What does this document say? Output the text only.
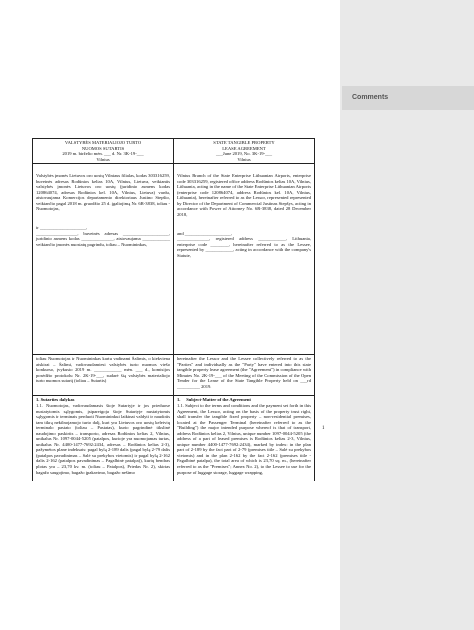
VALSTYBĖS MATERIALIOJO TURTO
NUOMOS SUTARTIS
2019 m. birželio mėn. ___ d. Nr. 3K-19-___
Vilnius
STATE TANGIBLE PROPERTY
LEASE AGREEMENT
___June 2019, No. 3K-19-___
Vilnius

Valstybės įmonės Lietuvos oro uostų Vilniaus filialas, kodas 303316259, buveinės adresas Rodūnios kelias 10A, Vilnius, Lietuva, veikiantis valstybės įmonės Lietuvos oro uostų (juridinio asmens kodas 120864074, adresas Rodūnios kel. 10A, Vilnius, Lietuva) vardu, atstovaujama Komercijos departamento direktoriaus Justino Stepšio, veikiančio pagal 2018 m. gruodžio 25 d. įgaliojimą Nr. 6R-3838, toliau - Nuomotojas,

ir ____________________,
__________________, buveinės adresas ____________________, juridinio asmens kodas ______________, atstovaujama ____________ veikiančio įmonės nuostatų pagrindu, toliau – Nuomininkas,

Vilnius Branch of the State Enterprise Lithuanian Airports, enterprise code 303316259, registered office address Rodūnios kelias 10A, Vilnius, Lithuania, acting in the name of the State Enterprise Lithuanian Airports (enterprise code 120864074, address Rodūnios kel. 10A, Vilnius, Lithuania), hereinafter referred to as the Lessor, represented represented by Director of the Department of Commercial Justinas Stepšys, acting in accordance with Power of Attorney No. 6R-3838, dated 28 December 2018,

and ____________________,
______________, registered address ____________, Lithuania, enterprise code ________, hereinafter referred to as the Lessee, represented by ____________, acting in accordance with the company's Statute,

toliau Nuomotojas ir Nuomininkas kartu vadinami Šalimis, o kiekviena atskirai – Šalimi, vadovaudamiesi valstybės turto nuomos viešo konkurso, įvykusio 2019 m. ____________ mėn. ___ d., komisijos posėdžio protokolu Nr. 2K-19-___, sudarė šią valstybės materialiojo turto nuomos sutartį (toliau – Sutartis)

hereinafter the Lessor and the Lessee collectively referred to as the "Parties" and individually as the "Party" have entered into this state tangible property lease agreement (the "Agreement") in compliance with Minutes No. 2K-19-___ of the Meeting of the Commission of the Open Tender for the Lease of the State Tangible Property held on ___rd __________ 2019.

1. Sutarties dalykas

1.1. Nuomotojas, vadovaudamasis šioje Sutartyje ir jos prieduose nustatytomis sąlygomis, įsipareigoja šioje Sutartyje nustatytomis sąlygomis ir terminais perduoti Nuomininkui laikinai valdyti ir naudotis tam tikrą nekilnojamojo turto dalį, kuri yra Lietuvos oro uostų keleivių terminalo pastato (toliau – Pastatas), kurio pagrindinė tikslinė naudojimo paskirtis – transporto, adresas Rodūnios kelias 2, Vilnius, unikalus Nr. 1097-0044-5205 (patalpos, kurioje yra nuomojamas turtas, unikalus Nr. 4400-1477-7692:2434, adresas – Rodūnios kelias 2-3), pažymėtos plane indeksais: pagal bylą 2-189 dalis (pagal bylą 2-79 dalis (patalpos pavadinimas – Salė su prekybos vietomis) ir pagal bylą 2-162 dalis 2-162 (patalpos pavadinimas – Pagalbinė patalpa)), kurių bendras plotas yra – 23,70 kv. m. (toliau – Patalpos), Priedas Nr. 2), skirtas bagažo saugojimo, bagažo įpakavimo, bagažo nešimo

1.     Subject-Matter of the Agreement

1.1. Subject to the terms and conditions and the payment set forth in this Agreement, the Lessor, acting on the basis of the property trust right, shall transfer the tangible fixed property – non-residential premises, located at the Passenger Terminal (hereinafter referred to as the "Building") the major intended purpose whereof is that of transport, address Rodūnios kelias 2, Vilnius, unique number 1097-0044-5205 (the address of a part of leased premises is Rodūnios kelias 2-3, Vilnius, unique number 4400-1477-7692:2434), marked by index: in the plan part of 2-189 by the fact part of 2-79 (premises title – Salė su prekybos vietomis) and in the plan 2-162 by the fact 2-162 (premises title - Pagalbinė patalpa), the total area of which is 23,70 sq. m., (hereinafter referred to as the "Premises"; Annex No. 2), to the Lessee to use for the purpose of luggage storage, luggage wrapping,

1
Comments
